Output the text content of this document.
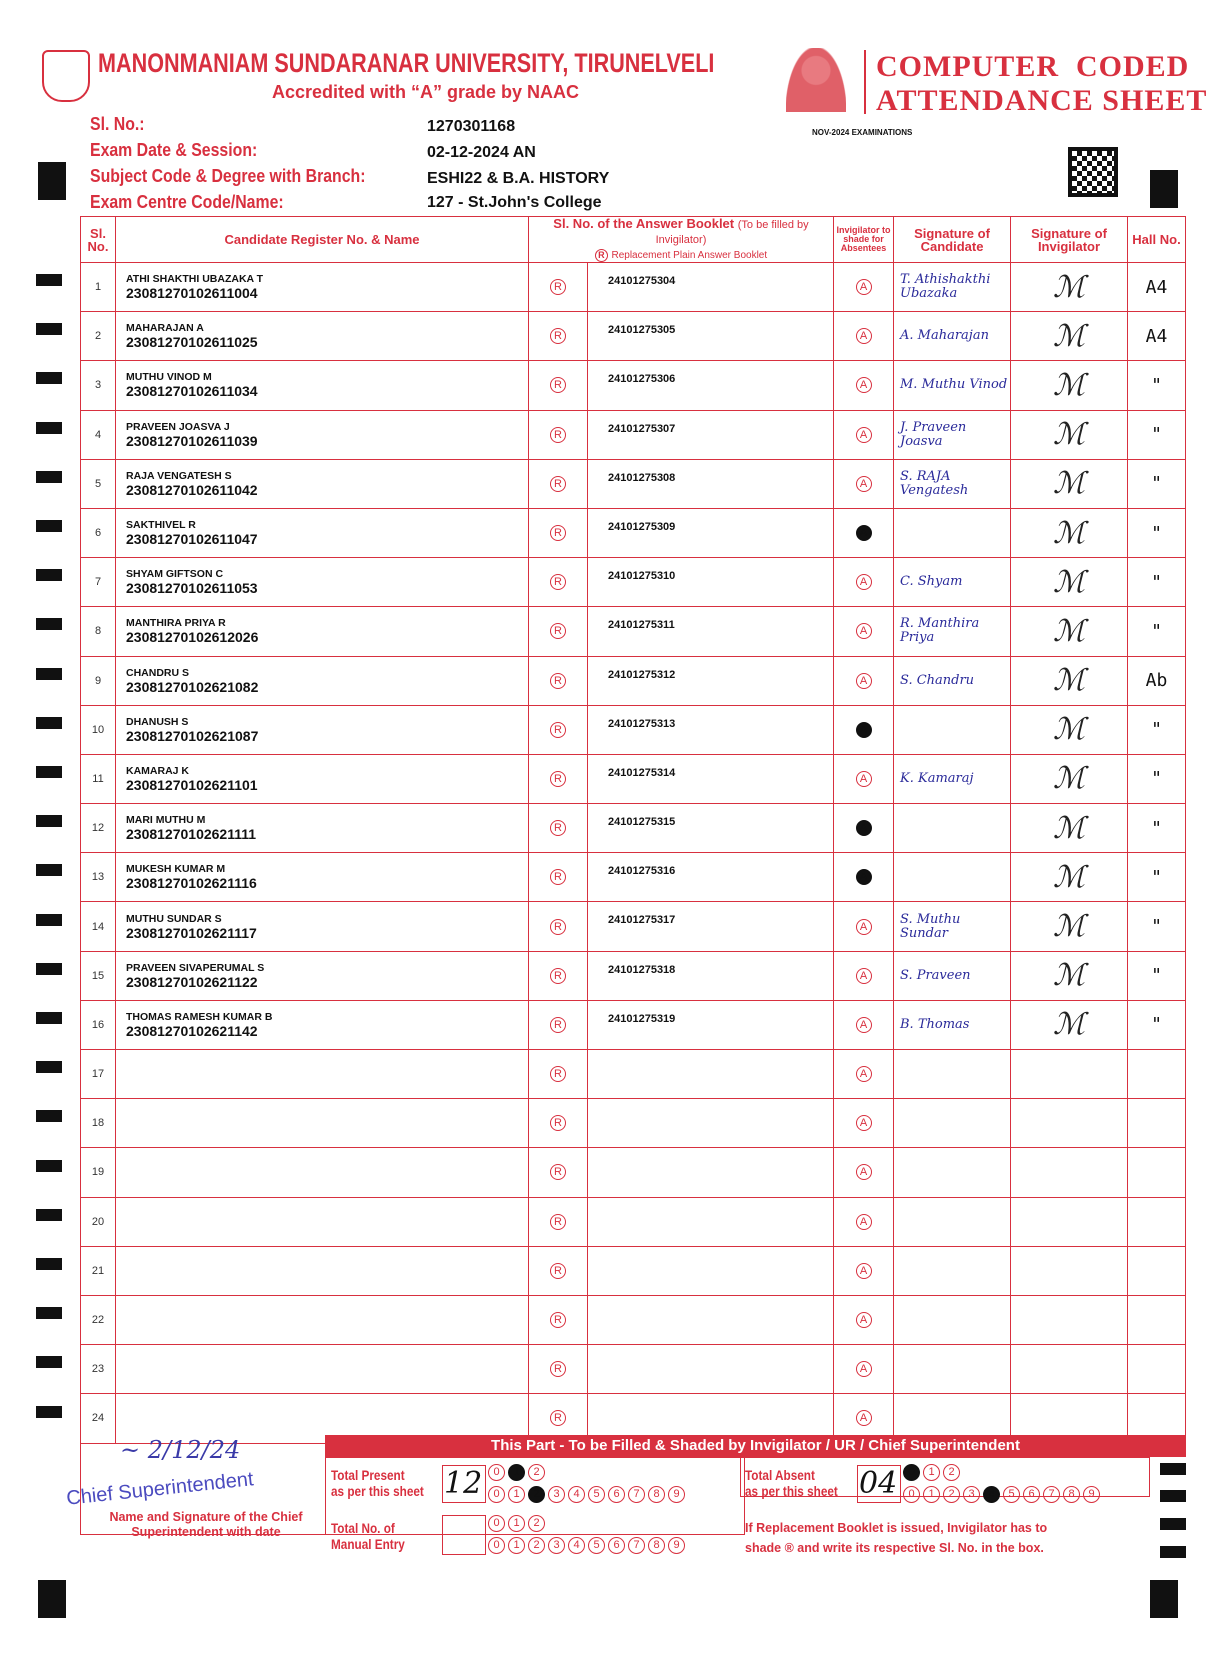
MANONMANIAM SUNDARANAR UNIVERSITY, TIRUNELVELI
Accredited with “A” grade by NAAC
COMPUTER  CODED
ATTENDANCE SHEET
NOV-2024 EXAMINATIONS
Sl. No.:	1270301168
Exam Date & Session:	02-12-2024 AN
Subject Code & Degree with Branch:	ESHI22 & B.A. HISTORY
Exam Centre Code/Name:	127 - St.John's College
Sl. No.	Candidate Register No. & Name	Sl. No. of the Answer Booklet (To be filled by Invigilator)
R Replacement Plain Answer Booklet		Invigilator to shade for Absentees	Signature of Candidate	Signature of Invigilator	Hall No.
1	ATHI SHAKTHI UBAZAKA T
23081270102611004	R	24101275304	A	T. Athishakthi Ubazaka	ℳ	A4
2	MAHARAJAN A
23081270102611025	R	24101275305	A	A. Maharajan	ℳ	A4
3	MUTHU VINOD M
23081270102611034	R	24101275306	A	M. Muthu Vinod	ℳ	"
4	PRAVEEN JOASVA J
23081270102611039	R	24101275307	A	J. Praveen Joasva	ℳ	"
5	RAJA VENGATESH S
23081270102611042	R	24101275308	A	S. RAJA Vengatesh	ℳ	"
6	SAKTHIVEL R
23081270102611047	R	24101275309	A		ℳ	"
7	SHYAM GIFTSON C
23081270102611053	R	24101275310	A	C. Shyam	ℳ	"
8	MANTHIRA PRIYA R
23081270102612026	R	24101275311	A	R. Manthira Priya	ℳ	"
9	CHANDRU S
23081270102621082	R	24101275312	A	S. Chandru	ℳ	Ab
10	DHANUSH S
23081270102621087	R	24101275313	A		ℳ	"
11	KAMARAJ K
23081270102621101	R	24101275314	A	K. Kamaraj	ℳ	"
12	MARI MUTHU M
23081270102621111	R	24101275315	A		ℳ	"
13	MUKESH KUMAR M
23081270102621116	R	24101275316	A		ℳ	"
14	MUTHU SUNDAR S
23081270102621117	R	24101275317	A	S. Muthu Sundar	ℳ	"
15	PRAVEEN SIVAPERUMAL S
23081270102621122	R	24101275318	A	S. Praveen	ℳ	"
16	THOMAS RAMESH KUMAR B
23081270102621142	R	24101275319	A	B. Thomas	ℳ	"
17		R		A			
18		R		A			
19		R		A			
20		R		A			
21		R		A			
22		R		A			
23		R		A			
24		R		A			
This Part - To be Filled & Shaded by Invigilator / UR / Chief Superintendent
Total Present
as per this sheet 12	0	1	2
0	1	2	3	4	5	6	7	8	9
Total Absent
as per this sheet 04	0	1	2
0	1	2	3	4	5	6	7	8	9
Total No. of
Manual Entry
0	1	2
0	1	2	3	4	5	6	7	8	9
If Replacement Booklet is issued, Invigilator has to
shade ® and write its respective Sl. No. in the box.
~ 2/12/24
Chief Superintendent
Name and Signature of the Chief Superintendent with date
